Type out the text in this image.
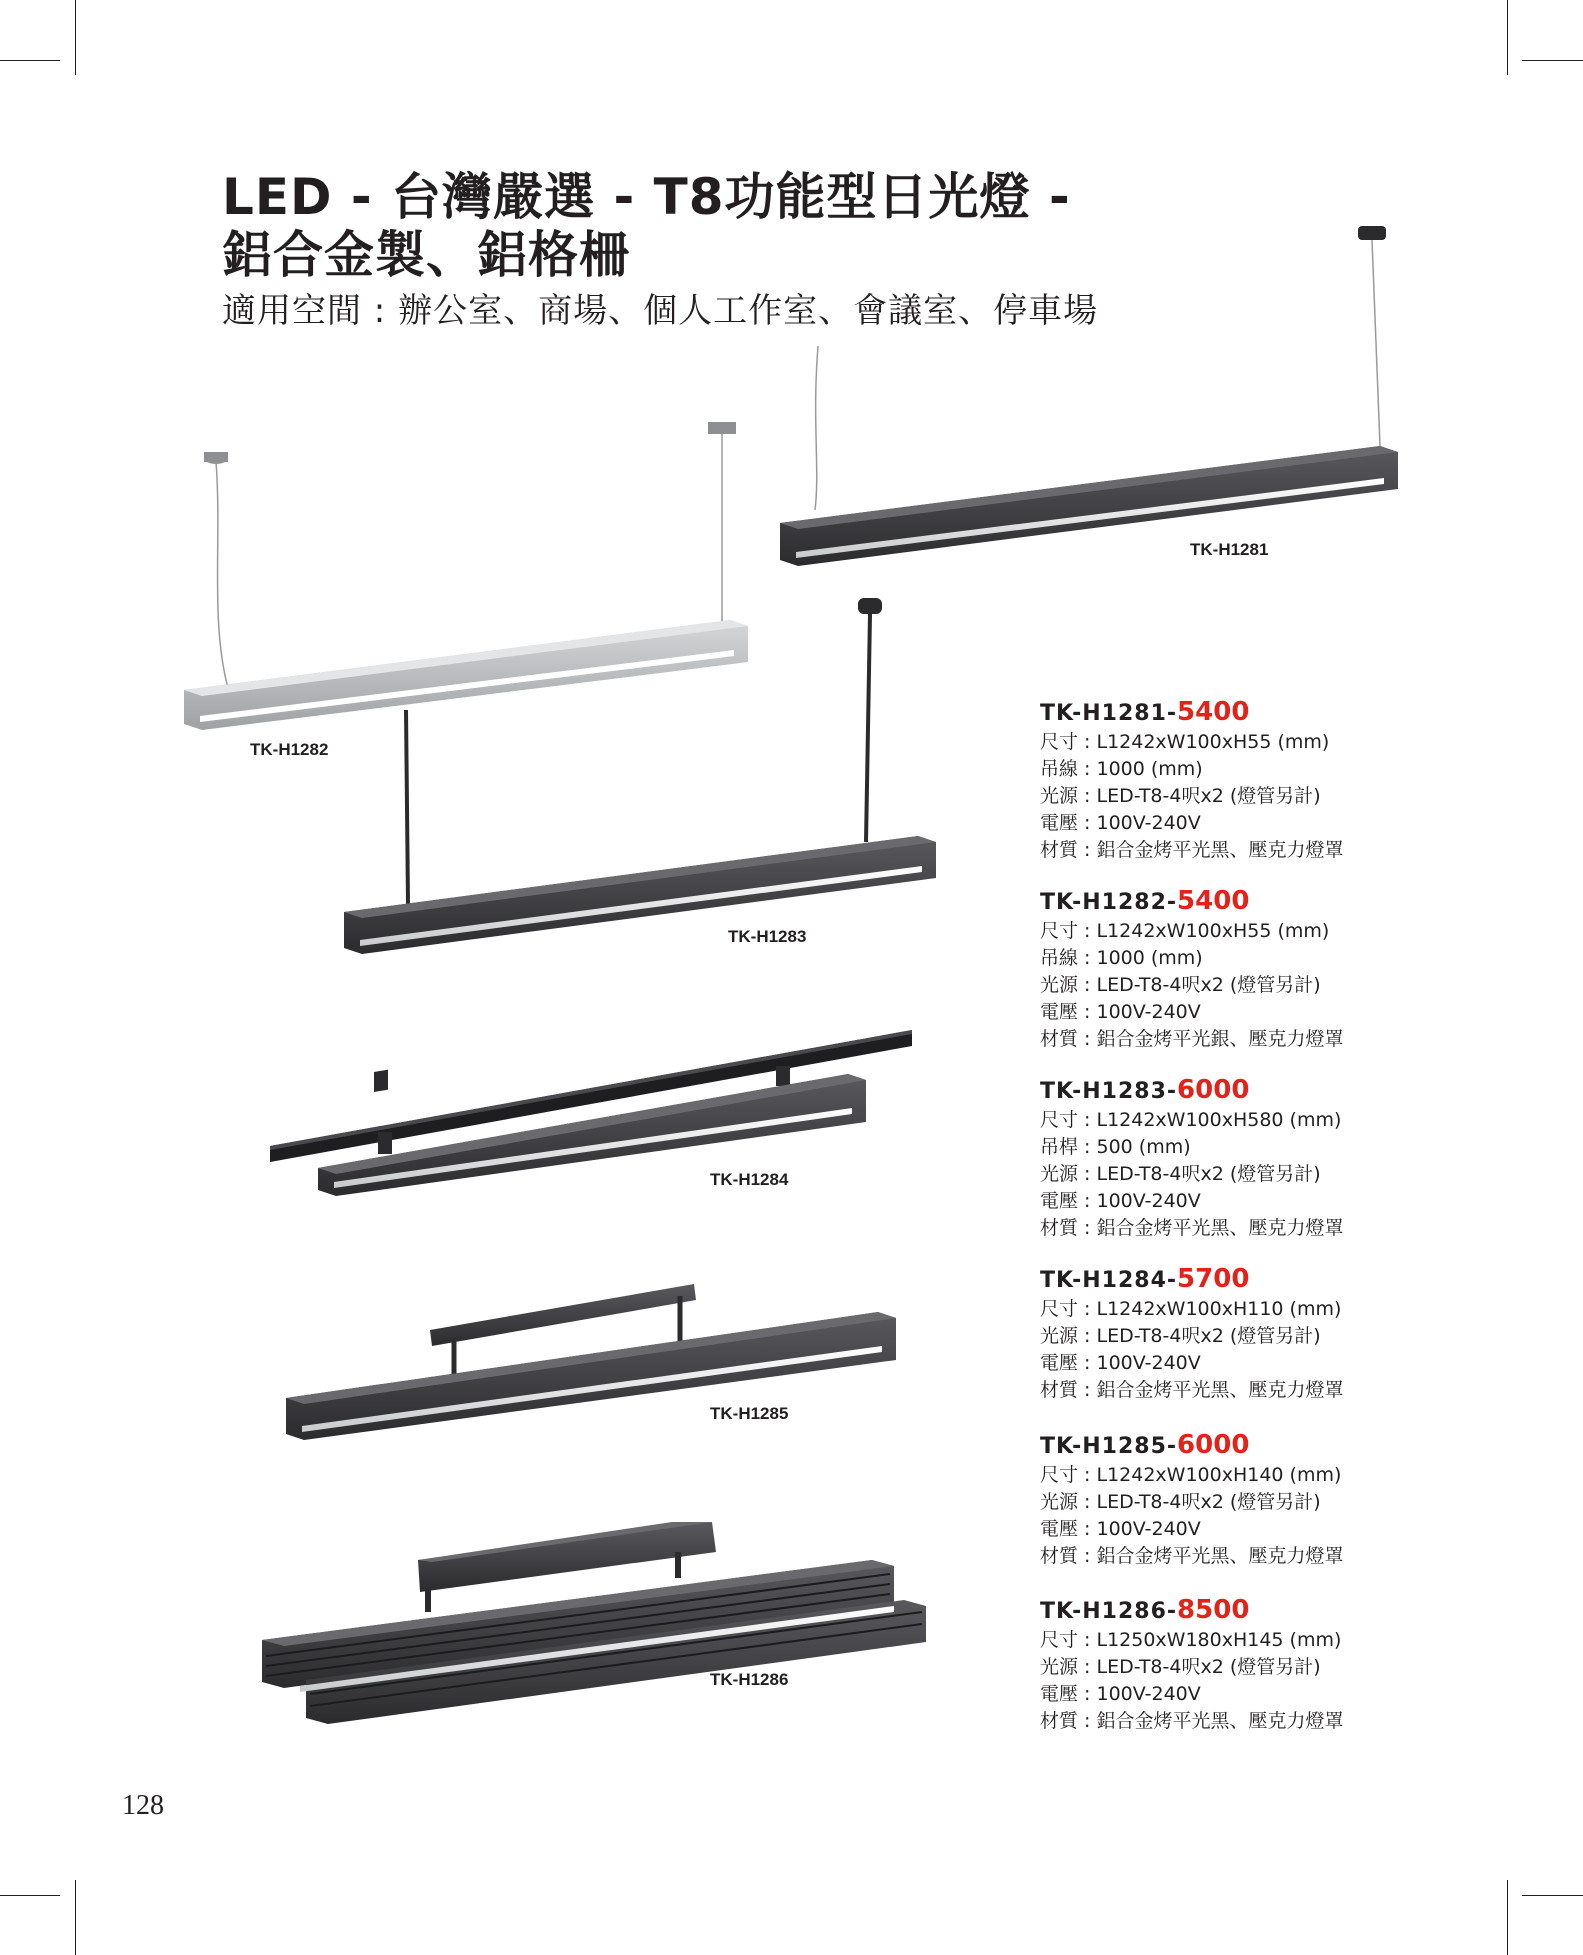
LED - 台灣嚴選 - T8功能型日光燈 -
鋁合金製、鋁格柵
適用空間 : 辦公室、商場、個人工作室、會議室、停車場
TK-H1281
TK-H1282
TK-H1283
TK-H1284
TK-H1285
TK-H1286
TK-H1281-5400
尺寸 : L1242xW100xH55 (mm)
吊線 : 1000 (mm)
光源 : LED-T8-4呎x2 (燈管另計)
電壓 : 100V-240V
材質 : 鋁合金烤平光黑、壓克力燈罩
TK-H1282-5400
尺寸 : L1242xW100xH55 (mm)
吊線 : 1000 (mm)
光源 : LED-T8-4呎x2 (燈管另計)
電壓 : 100V-240V
材質 : 鋁合金烤平光銀、壓克力燈罩
TK-H1283-6000
尺寸 : L1242xW100xH580 (mm)
吊桿 : 500 (mm)
光源 : LED-T8-4呎x2 (燈管另計)
電壓 : 100V-240V
材質 : 鋁合金烤平光黑、壓克力燈罩
TK-H1284-5700
尺寸 : L1242xW100xH110 (mm)
光源 : LED-T8-4呎x2 (燈管另計)
電壓 : 100V-240V
材質 : 鋁合金烤平光黑、壓克力燈罩
TK-H1285-6000
尺寸 : L1242xW100xH140 (mm)
光源 : LED-T8-4呎x2 (燈管另計)
電壓 : 100V-240V
材質 : 鋁合金烤平光黑、壓克力燈罩
TK-H1286-8500
尺寸 : L1250xW180xH145 (mm)
光源 : LED-T8-4呎x2 (燈管另計)
電壓 : 100V-240V
材質 : 鋁合金烤平光黑、壓克力燈罩
128
